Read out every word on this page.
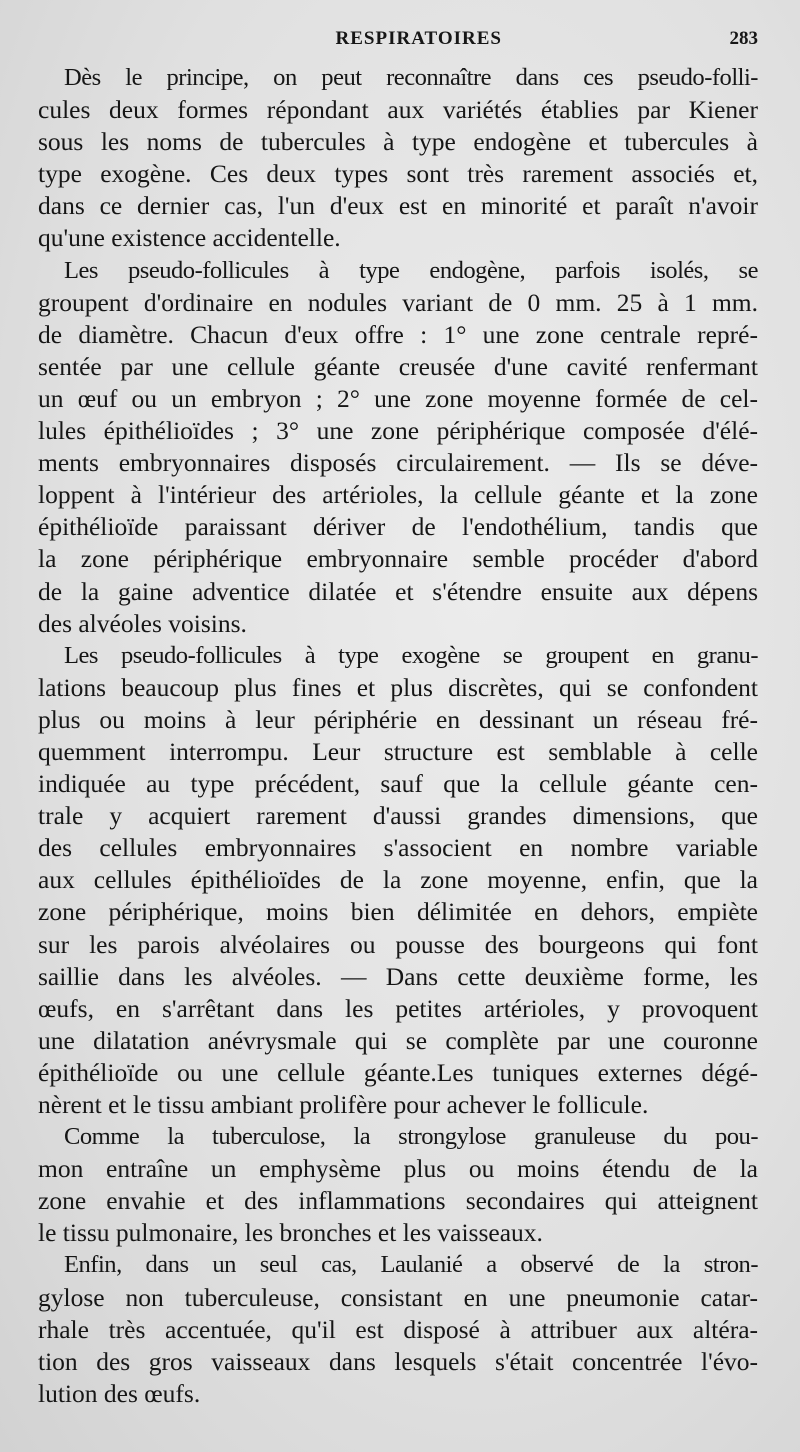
RESPIRATOIRES	283

Dès le principe, on peut reconnaître dans ces pseudo-folli-
cules deux formes répondant aux variétés établies par Kiener
sous les noms de tubercules à type endogène et tubercules à
type exogène. Ces deux types sont très rarement associés et,
dans ce dernier cas, l'un d'eux est en minorité et paraît n'avoir
qu'une existence accidentelle.

Les pseudo-follicules à type endogène, parfois isolés, se
groupent d'ordinaire en nodules variant de 0 mm. 25 à 1 mm.
de diamètre. Chacun d'eux offre : 1° une zone centrale repré-
sentée par une cellule géante creusée d'une cavité renfermant
un œuf ou un embryon ; 2° une zone moyenne formée de cel-
lules épithélioïdes ; 3° une zone périphérique composée d'élé-
ments embryonnaires disposés circulairement. — Ils se déve-
loppent à l'intérieur des artérioles, la cellule géante et la zone
épithélioïde paraissant dériver de l'endothélium, tandis que
la zone périphérique embryonnaire semble procéder d'abord
de la gaine adventice dilatée et s'étendre ensuite aux dépens
des alvéoles voisins.

Les pseudo-follicules à type exogène se groupent en granu-
lations beaucoup plus fines et plus discrètes, qui se confondent
plus ou moins à leur périphérie en dessinant un réseau fré-
quemment interrompu. Leur structure est semblable à celle
indiquée au type précédent, sauf que la cellule géante cen-
trale y acquiert rarement d'aussi grandes dimensions, que
des cellules embryonnaires s'associent en nombre variable
aux cellules épithélioïdes de la zone moyenne, enfin, que la
zone périphérique, moins bien délimitée en dehors, empiète
sur les parois alvéolaires ou pousse des bourgeons qui font
saillie dans les alvéoles. — Dans cette deuxième forme, les
œufs, en s'arrêtant dans les petites artérioles, y provoquent
une dilatation anévrysmale qui se complète par une couronne
épithélioïde ou une cellule géante.Les tuniques externes dégé-
nèrent et le tissu ambiant prolifère pour achever le follicule.

Comme la tuberculose, la strongylose granuleuse du pou-
mon entraîne un emphysème plus ou moins étendu de la
zone envahie et des inflammations secondaires qui atteignent
le tissu pulmonaire, les bronches et les vaisseaux.

Enfin, dans un seul cas, Laulanié a observé de la stron-
gylose non tuberculeuse, consistant en une pneumonie catar-
rhale très accentuée, qu'il est disposé à attribuer aux altéra-
tion des gros vaisseaux dans lesquels s'était concentrée l'évo-
lution des œufs.
